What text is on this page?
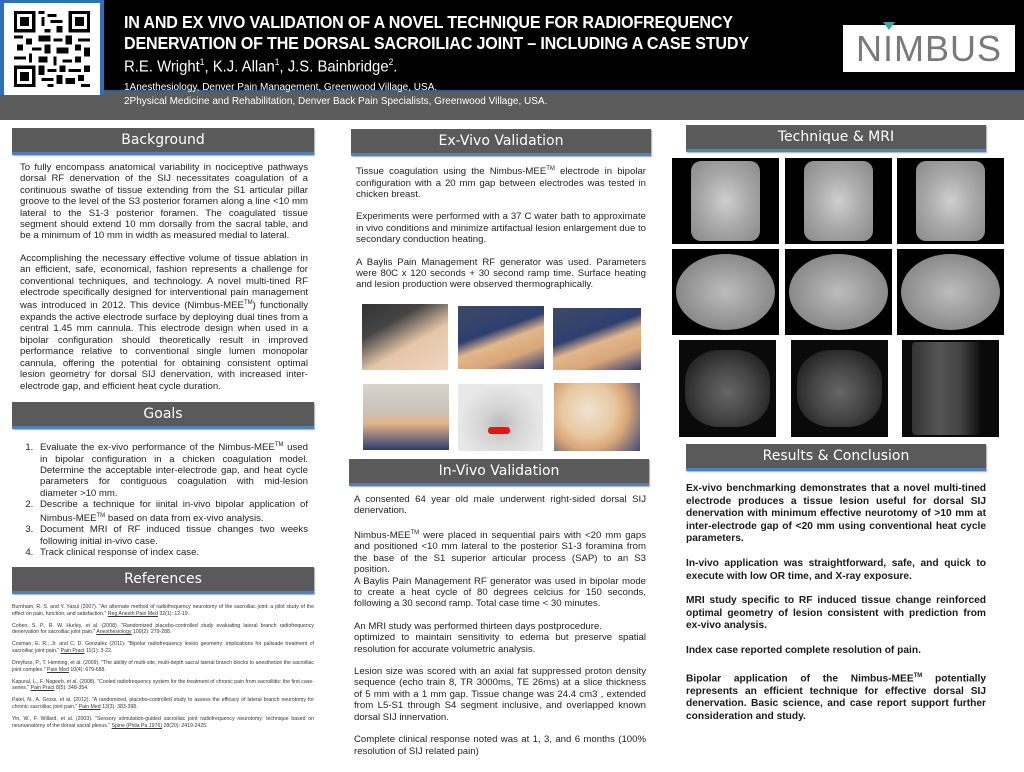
IN AND EX VIVO VALIDATION OF A NOVEL TECHNIQUE FOR RADIOFREQUENCY
DENERVATION OF THE DORSAL SACROILIAC JOINT – INCLUDING A CASE STUDY
R.E. Wright$^1$, K.J. Allan$^1$, J.S. Bainbridge$^2$.
1Anesthesiology, Denver Pain Management, Greenwood Village, USA.
2Physical Medicine and Rehabilitation, Denver Back Pain Specialists, Greenwood Village, USA.
NIMBUS
Background

To fully encompass anatomical variability in nociceptive pathways dorsal RF denervation of the SIJ necessitates coagulation of a continuous swathe of tissue extending from the S1 articular pillar groove to the level of the S3 posterior foramen along a line <10 mm lateral to the S1-3 posterior foramen. The coagulated tissue segment should extend 10 mm dorsally from the sacral table, and be a minimum of 10 mm in width as measured medial to lateral.

Accomplishing the necessary effective volume of tissue ablation in an efficient, safe, economical, fashion represents a challenge for conventional techniques, and technology. A novel multi-tined RF electrode specifically designed for interventional pain management was introduced in 2012. This device (Nimbus-MEE™) functionally expands the active electrode surface by deploying dual tines from a central 1.45 mm cannula. This electrode design when used in a bipolar configuration should theoretically result in improved performance relative to conventional single lumen monopolar cannula, offering the potential for obtaining consistent optimal lesion geometry for dorsal SIJ denervation, with increased inter-electrode gap, and efficient heat cycle duration.

Goals
1. Evaluate the ex-vivo performance of the Nimbus-MEE™ used in bipolar configuration in a chicken coagulation model. Determine the acceptable inter-electrode gap, and heat cycle parameters for contiguous coagulation with mid-lesion diameter >10 mm.
2. Describe a technique for iinital in-vivo bipolar application of Nimbus-MEE™ based on data from ex-vivo analysis.
3. Document MRI of RF induced tissue changes two weeks following initial in-vivo case.
4. Track clinical response of index case.
References

Burnham, R. S. and Y. Yasui (2007). "An alternate method of radiofrequency neurotomy of the sacroiliac joint: a pilot study of the effect on pain, function, and satisfaction." Reg Anesth Pain Med 32(1): 12-19.

Cohen, S. P., R. W. Hurley, et al. (2008). "Randomized placebo-controlled study evaluating lateral branch radiofrequency denervation for sacroiliac joint pain." Anesthesiology 109(2): 279-288.

Cosman, E. R., Jr. and C. D. Gonzalez (2011). "Bipolar radiofrequency lesion geometry: implications for palisade treatment of sacroiliac joint pain." Pain Pract 11(1): 3-22.

Dreyfuss, P., T. Henning, et al. (2009). "The ability of multi-site, multi-depth sacral lateral branch blocks to anesthetize the sacroiliac joint complex." Pain Med 10(4): 679-688.

Kapural, L., F. Nageeb, et al. (2008). "Cooled radiofrequency system for the treatment of chronic pain from sacroiliitis: the first case-series." Pain Pract 8(5): 348-354.

Patel, N., A. Gross, et al. (2012). "A randomized, placebo-controlled study to assess the efficacy of lateral branch neurotomy for chronic sacroiliac joint pain." Pain Med 13(3): 383-398.

Yin, W., F. Willard, et al. (2003). "Sensory stimulation-guided sacroiliac joint radiofrequency neurotomy: technique based on neuroanatomy of the dorsal sacral plexus." Spine (Phila Pa 1976) 28(20): 2419-2425.

Ex-Vivo Validation

Tissue coagulation using the Nimbus-MEE™ electrode in bipolar configuration with a 20 mm gap between electrodes was tested in chicken breast.

Experiments were performed with a 37 C water bath to approximate in vivo conditions and minimize artifactual lesion enlargement due to secondary conduction heating.

A Baylis Pain Management RF generator was used. Parameters were 80C x 120 seconds + 30 second ramp time. Surface heating and lesion production were observed thermographically.

In-Vivo Validation

A consented 64 year old male underwent right-sided dorsal SIJ denervation.

Nimbus-MEE™ were placed in sequential pairs with <20 mm gaps and positioned <10 mm lateral to the posterior S1-3 foramina from the base of the S1 superior articular process (SAP) to an S3 position.
A Baylis Pain Management RF generator was used in bipolar mode to create a heat cycle of 80 degrees celcius for 150 seconds, following a 30 second ramp. Total case time < 30 minutes.

An MRI study was performed thirteen days postprocedure.
optimized to maintain sensitivity to edema but preserve spatial resolution for accurate volumetric analysis.

Lesion size was scored with an axial fat suppressed proton density sequence (echo train 8, TR 3000ms, TE 26ms) at a slice thickness of 5 mm with a 1 mm gap. Tissue change was 24.4 cm3 , extended from L5-S1 through S4 segment inclusive, and overlapped known dorsal SIJ innervation.

Complete clinical response noted was at 1, 3, and 6 months (100% resolution of SIJ related pain)

Technique & MRI
Results & Conclusion

Ex-vivo benchmarking demonstrates that a novel multi-tined electrode produces a tissue lesion useful for dorsal SIJ denervation with minimum effective neurotomy of >10 mm at inter-electrode gap of <20 mm using conventional heat cycle parameters.

In-vivo application was straightforward, safe, and quick to execute with low OR time, and X-ray exposure.

MRI study specific to RF induced tissue change reinforced optimal geometry of lesion consistent with prediction from ex-vivo analysis.

Index case reported complete resolution of pain.

Bipolar application of the Nimbus-MEE™ potentially represents an efficient technique for effective dorsal SIJ denervation. Basic science, and case report support further consideration and study.
